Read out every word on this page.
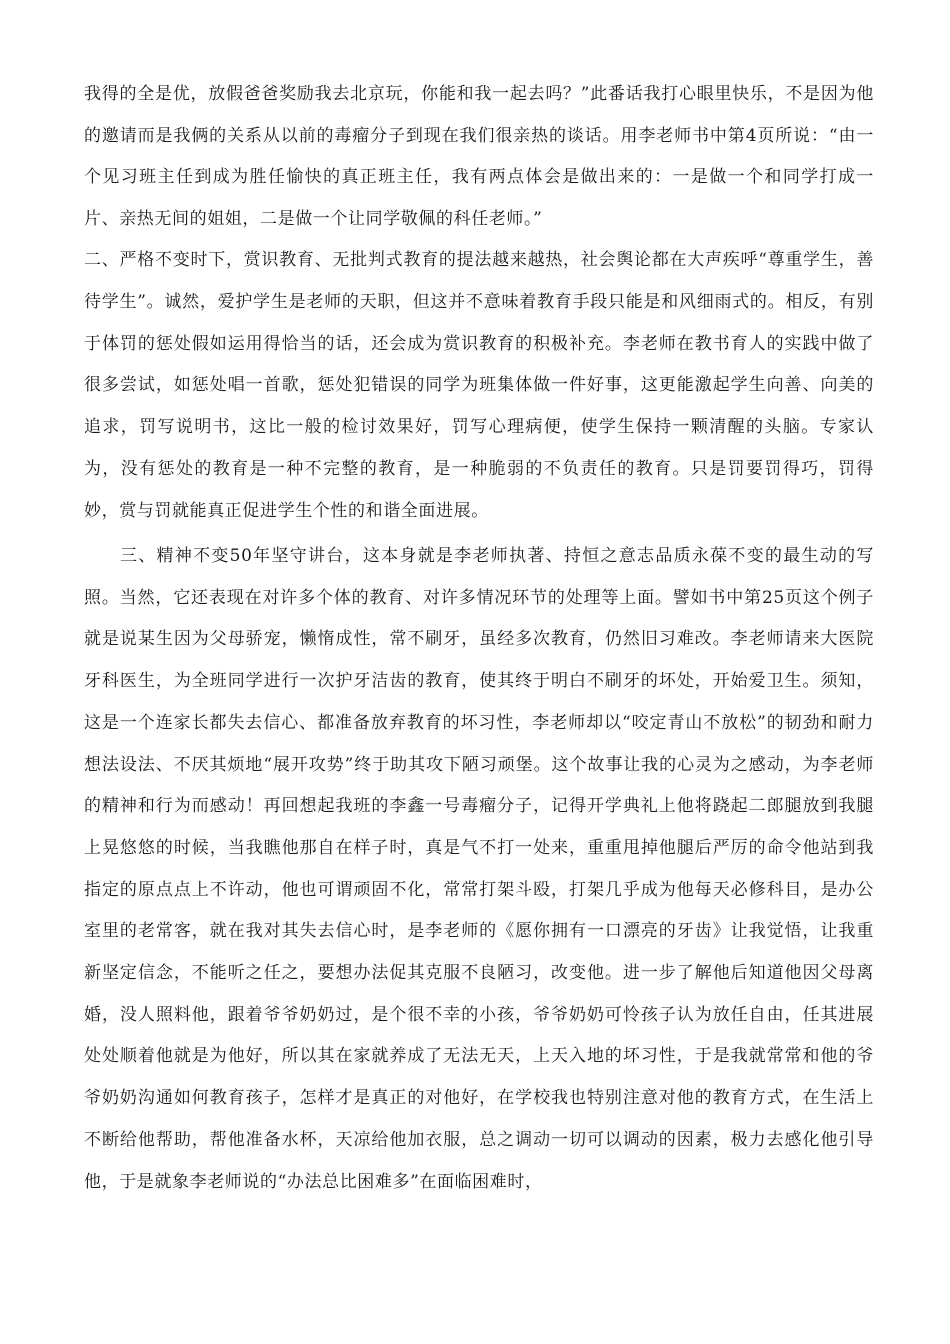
我得的全是优，放假爸爸奖励我去北京玩，你能和我一起去吗？”此番话我打心眼里快乐，不是因为他的邀请而是我俩的关系从以前的毒瘤分子到现在我们很亲热的谈话。用李老师书中第4页所说：“由一个见习班主任到成为胜任愉快的真正班主任，我有两点体会是做出来的：一是做一个和同学打成一片、亲热无间的姐姐，二是做一个让同学敬佩的科任老师。”

二、严格不变时下，赏识教育、无批判式教育的提法越来越热，社会舆论都在大声疾呼“尊重学生，善待学生”。诚然，爱护学生是老师的天职，但这并不意味着教育手段只能是和风细雨式的。相反，有别于体罚的惩处假如运用得恰当的话，还会成为赏识教育的积极补充。李老师在教书育人的实践中做了很多尝试，如惩处唱一首歌，惩处犯错误的同学为班集体做一件好事，这更能激起学生向善、向美的追求，罚写说明书，这比一般的检讨效果好，罚写心理病便，使学生保持一颗清醒的头脑。专家认为，没有惩处的教育是一种不完整的教育，是一种脆弱的不负责任的教育。只是罚要罚得巧，罚得妙，赏与罚就能真正促进学生个性的和谐全面进展。

三、精神不变50年坚守讲台，这本身就是李老师执著、持恒之意志品质永葆不变的最生动的写照。当然，它还表现在对许多个体的教育、对许多情况环节的处理等上面。譬如书中第25页这个例子就是说某生因为父母骄宠，懒惰成性，常不刷牙，虽经多次教育，仍然旧习难改。李老师请来大医院牙科医生，为全班同学进行一次护牙洁齿的教育，使其终于明白不刷牙的坏处，开始爱卫生。须知，这是一个连家长都失去信心、都准备放弃教育的坏习性，李老师却以“咬定青山不放松”的韧劲和耐力想法设法、不厌其烦地“展开攻势”终于助其攻下陋习顽堡。这个故事让我的心灵为之感动，为李老师的精神和行为而感动！再回想起我班的李鑫一号毒瘤分子，记得开学典礼上他将跷起二郎腿放到我腿上晃悠悠的时候，当我瞧他那自在样子时，真是气不打一处来，重重甩掉他腿后严厉的命令他站到我指定的原点点上不许动，他也可谓顽固不化，常常打架斗殴，打架几乎成为他每天必修科目，是办公室里的老常客，就在我对其失去信心时，是李老师的《愿你拥有一口漂亮的牙齿》让我觉悟，让我重新坚定信念，不能听之任之，要想办法促其克服不良陋习，改变他。进一步了解他后知道他因父母离婚，没人照料他，跟着爷爷奶奶过，是个很不幸的小孩，爷爷奶奶可怜孩子认为放任自由，任其进展处处顺着他就是为他好，所以其在家就养成了无法无天，上天入地的坏习性，于是我就常常和他的爷爷奶奶沟通如何教育孩子，怎样才是真正的对他好，在学校我也特别注意对他的教育方式，在生活上不断给他帮助，帮他准备水杯，天凉给他加衣服，总之调动一切可以调动的因素，极力去感化他引导他，于是就象李老师说的“办法总比困难多”在面临困难时，
